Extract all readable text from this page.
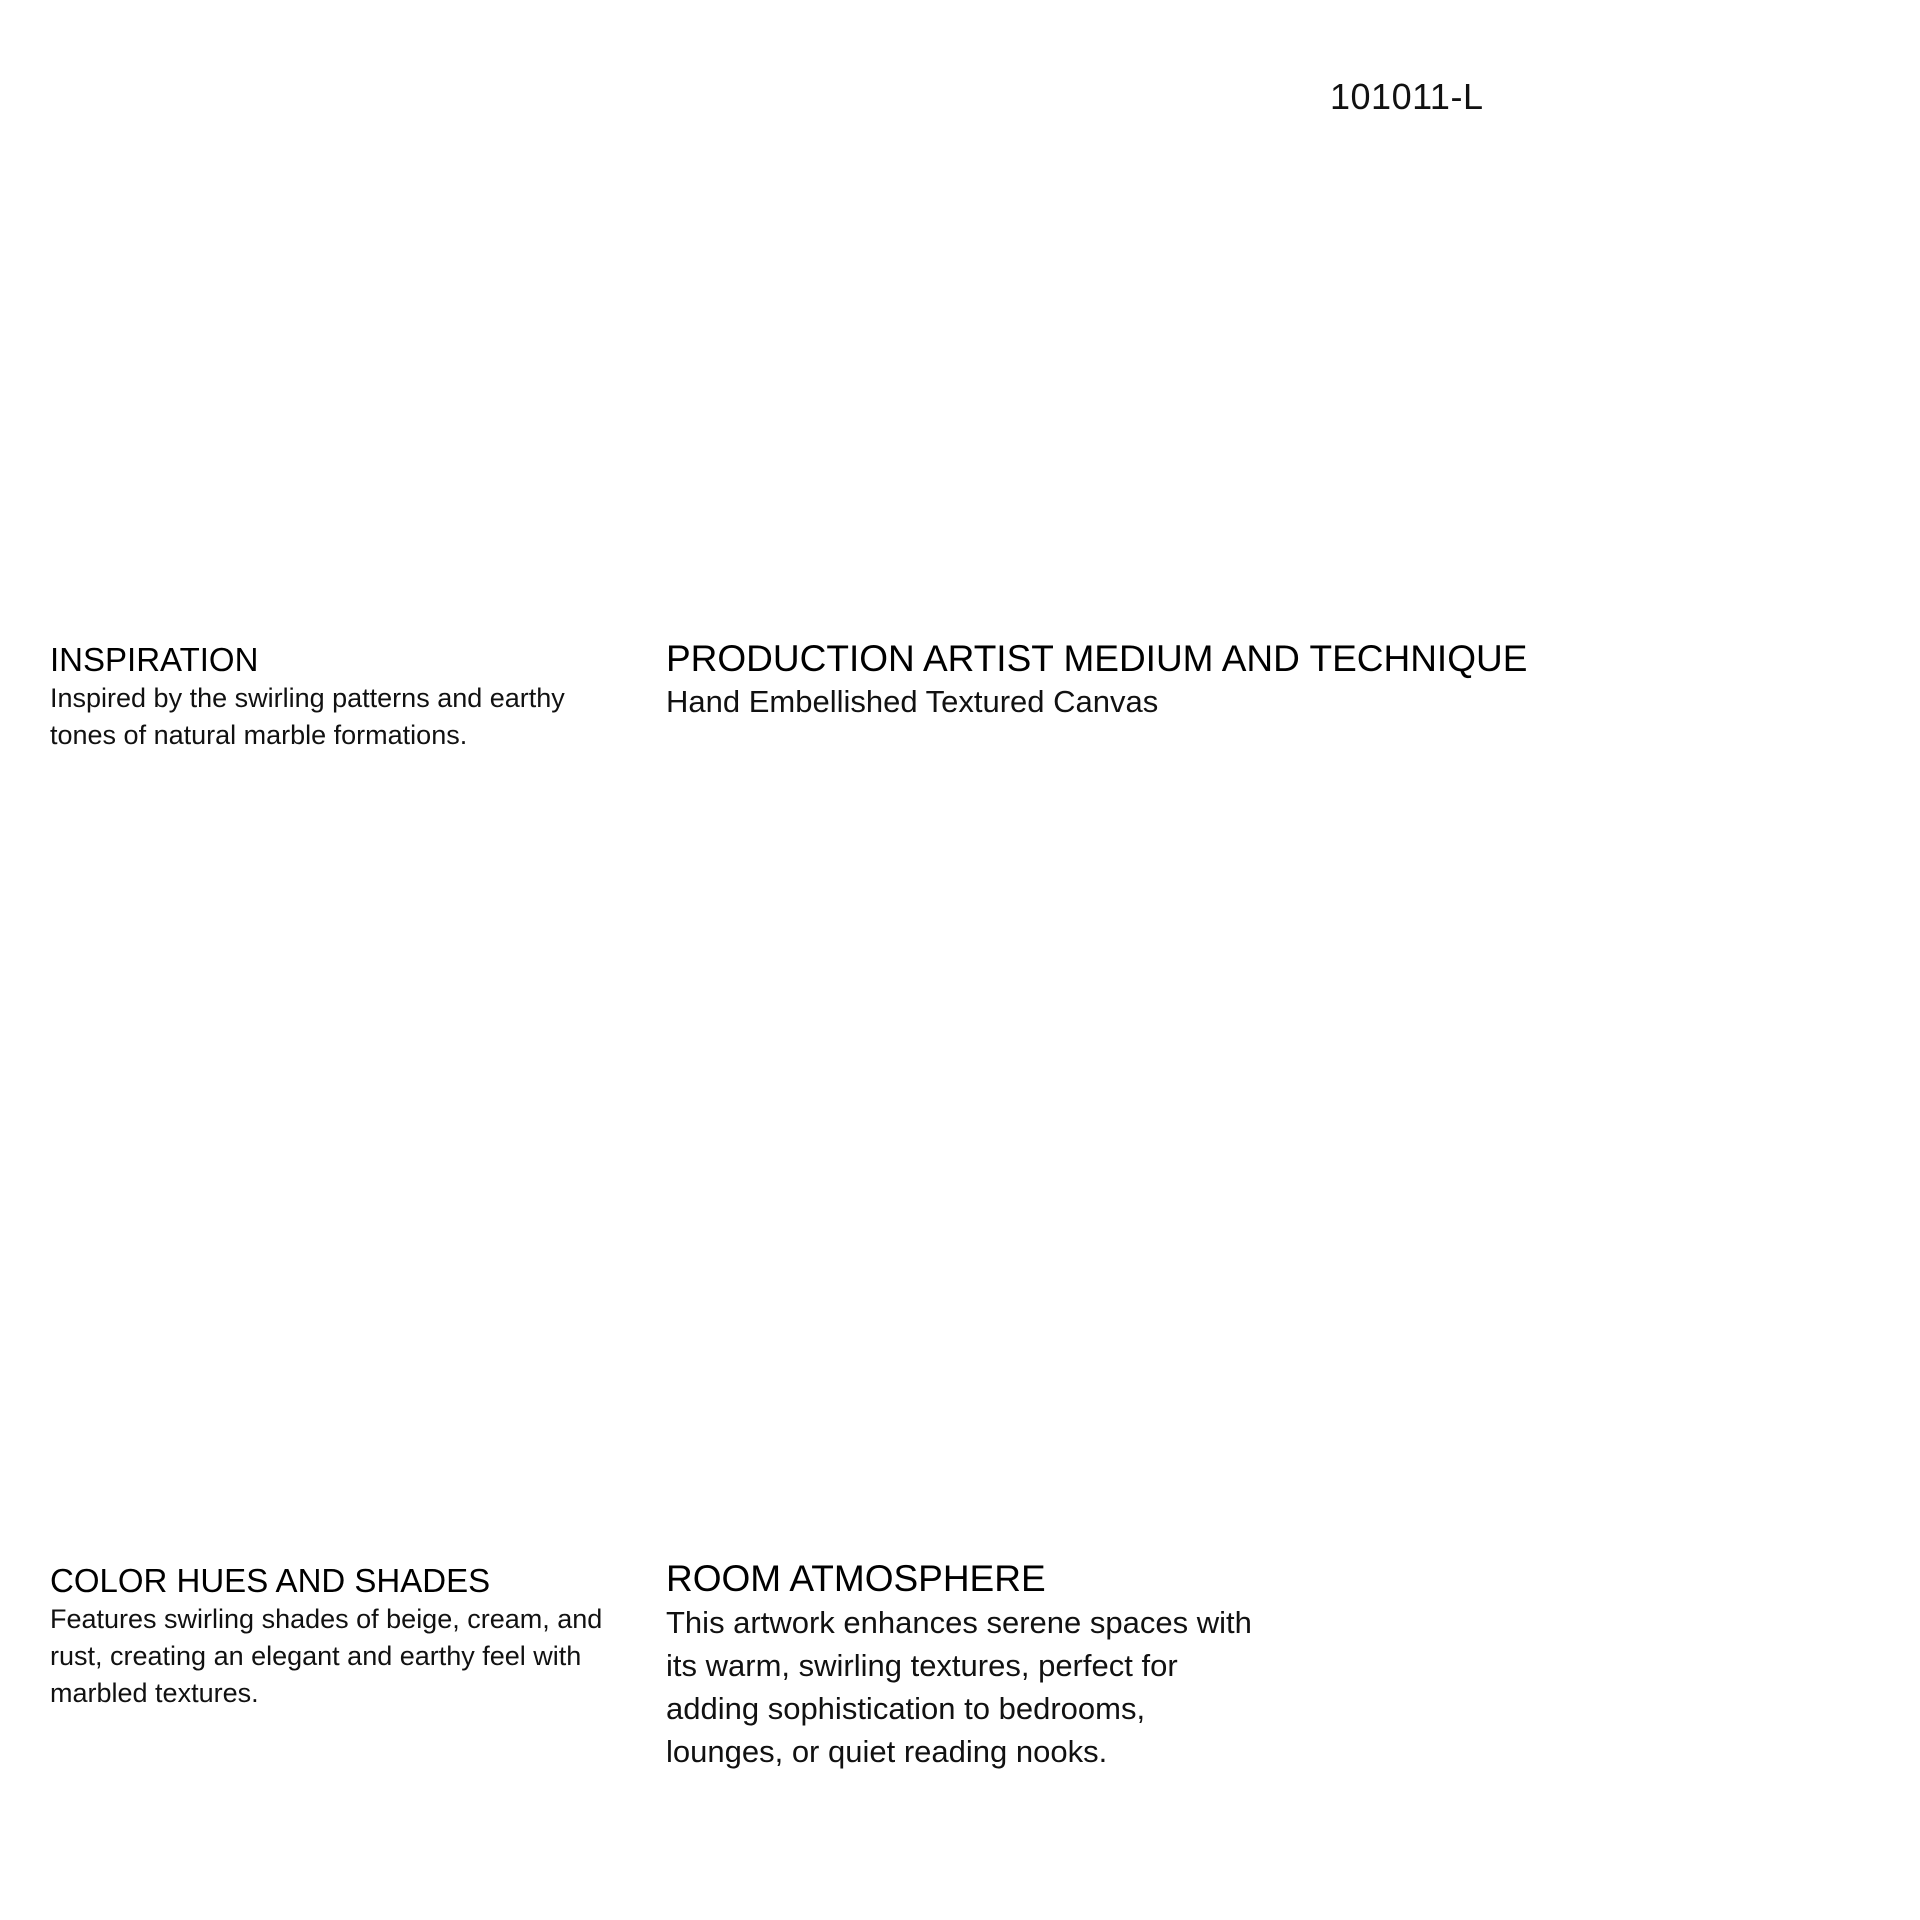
101011-L
INSPIRATION

Inspired by the swirling patterns and earthy tones of natural marble formations.

PRODUCTION ARTIST MEDIUM AND TECHNIQUE

Hand Embellished Textured Canvas

COLOR HUES AND SHADES

Features swirling shades of beige, cream, and rust, creating an elegant and earthy feel with marbled textures.

ROOM ATMOSPHERE

This artwork enhances serene spaces with its warm, swirling textures, perfect for adding sophistication to bedrooms, lounges, or quiet reading nooks.
